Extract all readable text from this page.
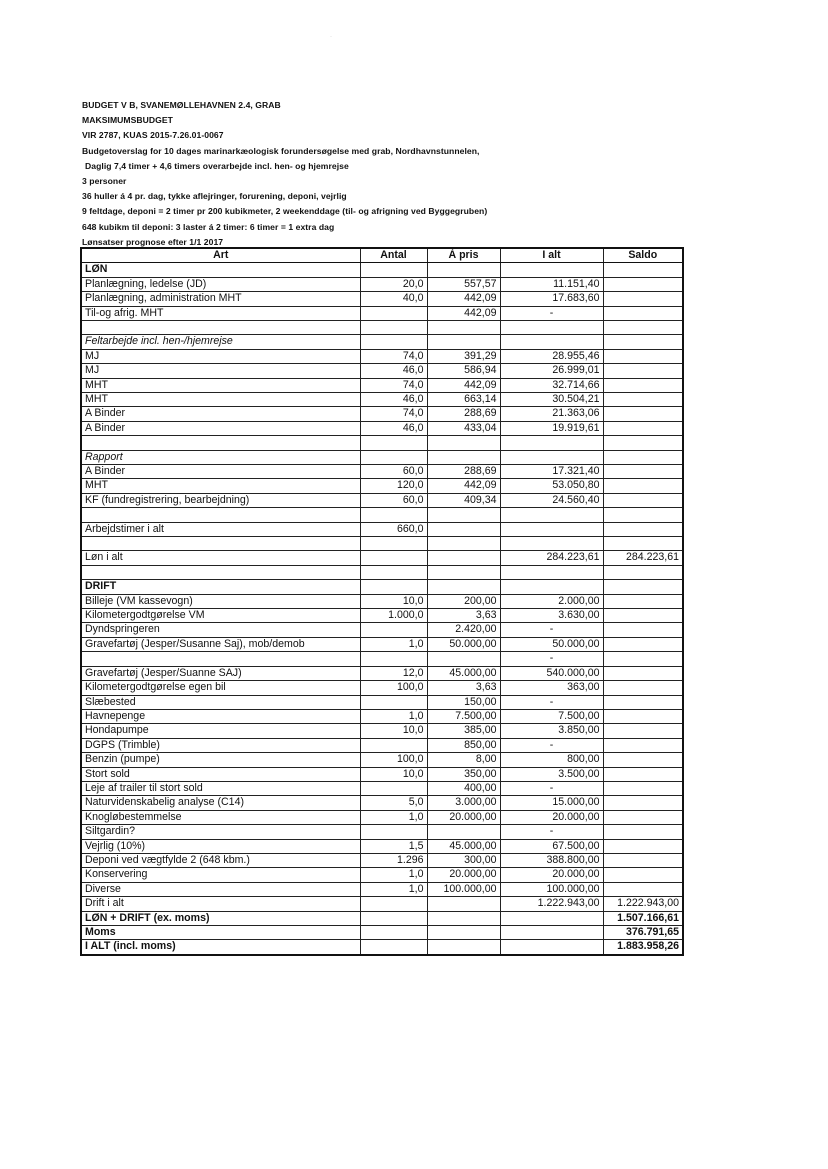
·
BUDGET V B, SVANEMØLLEHAVNEN 2.4, GRAB
MAKSIMUMSBUDGET
VIR 2787, KUAS 2015-7.26.01-0067
Budgetoverslag for 10 dages marinarkæologisk forundersøgelse med grab, Nordhavnstunnelen,
Daglig 7,4 timer + 4,6 timers overarbejde incl. hen- og hjemrejse
3 personer
36 huller á 4 pr. dag, tykke aflejringer, forurening, deponi, vejrlig
9 feltdage, deponi = 2 timer pr 200 kubikmeter, 2 weekenddage (til- og afrigning ved Byggegruben)
648 kubikm til deponi: 3 laster á 2 timer: 6 timer = 1 extra dag
Lønsatser prognose efter 1/1 2017
Art	Antal	À pris	I alt	Saldo
LØN				
Planlægning, ledelse (JD)	20,0	557,57	11.151,40	
Planlægning, administration MHT	40,0	442,09	17.683,60	
Til-og afrig. MHT		442,09	-	

Feltarbejde incl. hen-/hjemrejse				
MJ	74,0	391,29	28.955,46	
MJ	46,0	586,94	26.999,01	
MHT	74,0	442,09	32.714,66	
MHT	46,0	663,14	30.504,21	
A Binder	74,0	288,69	21.363,06	
A Binder	46,0	433,04	19.919,61	

Rapport				
A Binder	60,0	288,69	17.321,40	
MHT	120,0	442,09	53.050,80	
KF (fundregistrering, bearbejdning)	60,0	409,34	24.560,40	

Arbejdstimer i alt	660,0			

Løn i alt			284.223,61	284.223,61

DRIFT				
Billeje (VM kassevogn)	10,0	200,00	2.000,00	
Kilometergodtgørelse VM	1.000,0	3,63	3.630,00	
Dyndspringeren		2.420,00	-	
Gravefartøj (Jesper/Susanne Saj), mob/demob	1,0	50.000,00	50.000,00	
			-	
Gravefartøj (Jesper/Suanne SAJ)	12,0	45.000,00	540.000,00	
Kilometergodtgørelse egen bil	100,0	3,63	363,00	
Slæbested		150,00	-	
Havnepenge	1,0	7.500,00	7.500,00	
Hondapumpe	10,0	385,00	3.850,00	
DGPS (Trimble)		850,00	-	
Benzin (pumpe)	100,0	8,00	800,00	
Stort sold	10,0	350,00	3.500,00	
Leje af trailer til stort sold		400,00	-	
Naturvidenskabelig analyse (C14)	5,0	3.000,00	15.000,00	
Knogløbestemmelse	1,0	20.000,00	20.000,00	
Siltgardin?			-	
Vejrlig (10%)	1,5	45.000,00	67.500,00	
Deponi ved vægtfylde 2 (648 kbm.)	1.296	300,00	388.800,00	
Konservering	1,0	20.000,00	20.000,00	
Diverse	1,0	100.000,00	100.000,00	
Drift i alt			1.222.943,00	1.222.943,00
LØN + DRIFT (ex. moms)				1.507.166,61
Moms				376.791,65
I ALT (incl. moms)				1.883.958,26
